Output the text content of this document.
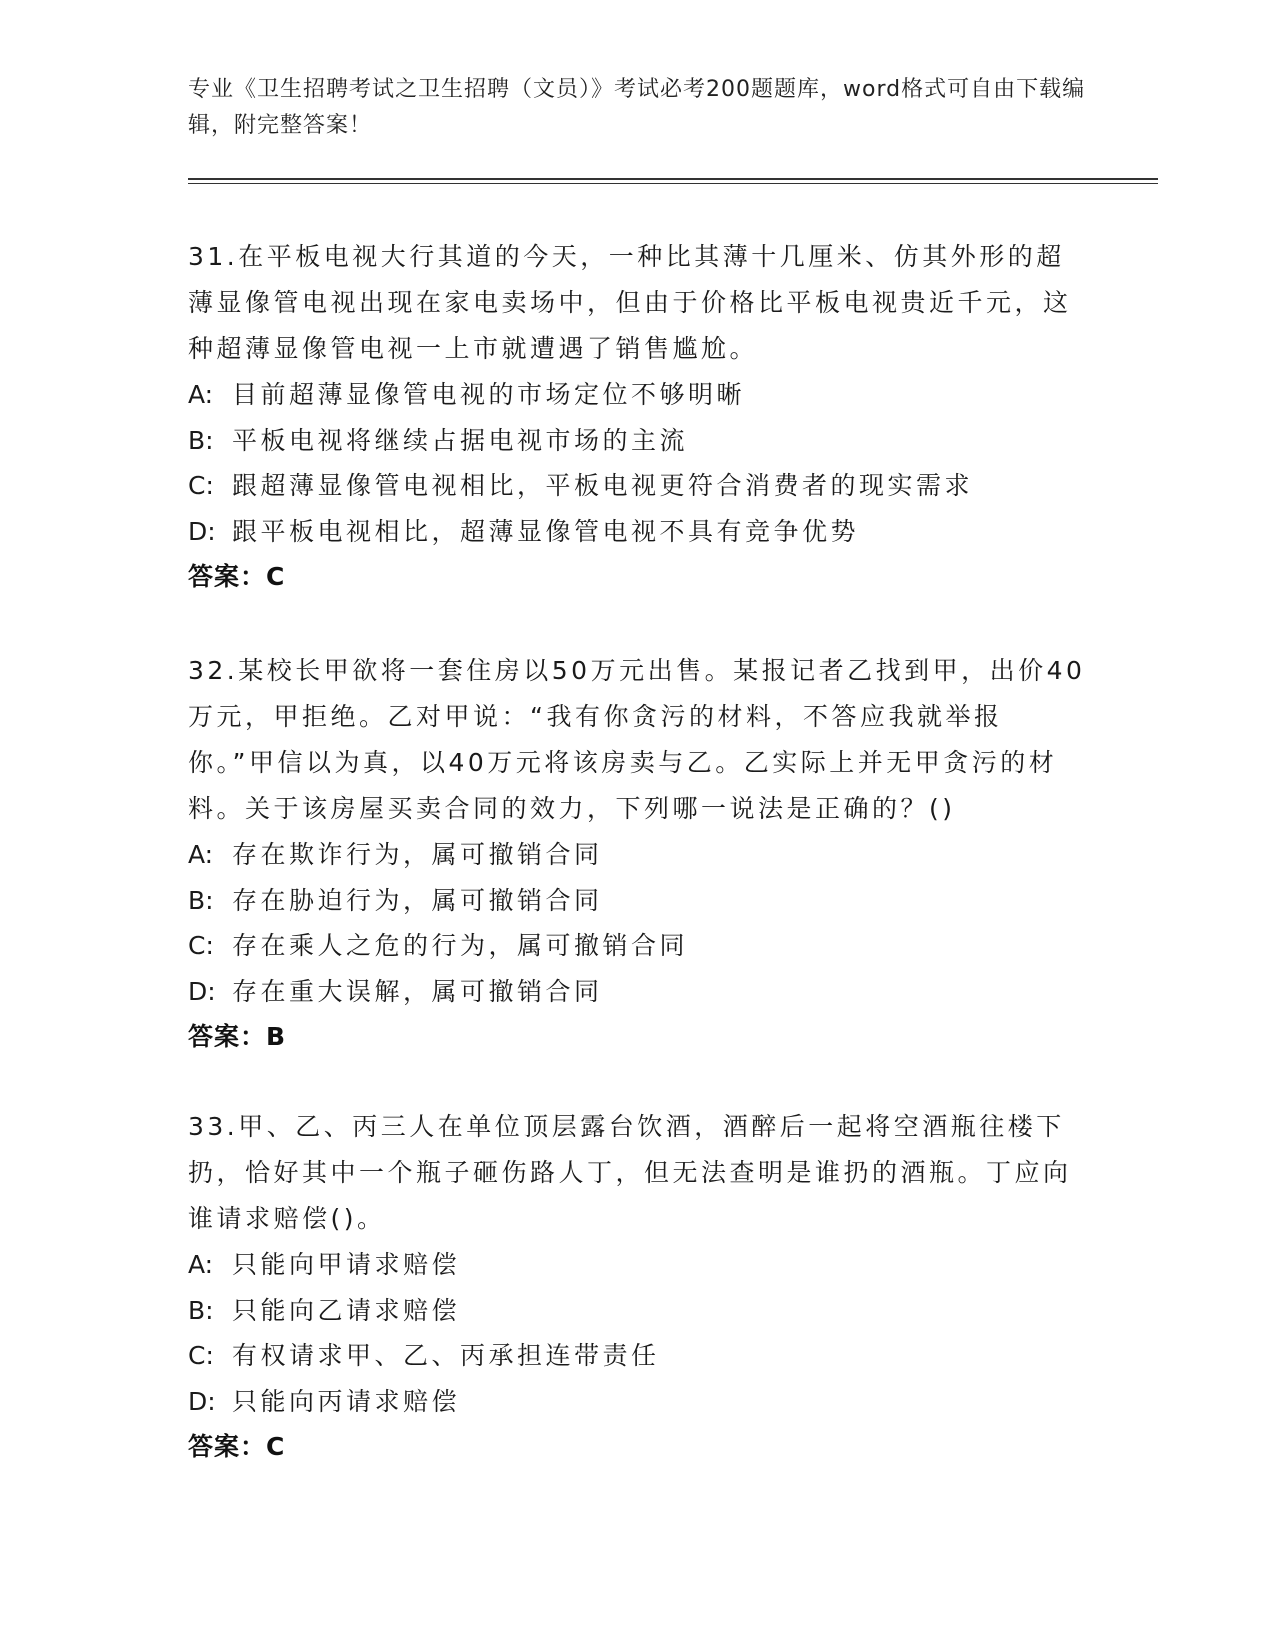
专业《卫生招聘考试之卫生招聘（文员）》考试必考200题题库，word格式可自由下载编辑，附完整答案！

31.在平板电视大行其道的今天，一种比其薄十几厘米、仿其外形的超薄显像管电视出现在家电卖场中，但由于价格比平板电视贵近千元，这种超薄显像管电视一上市就遭遇了销售尴尬。

A: 目前超薄显像管电视的市场定位不够明晰

B: 平板电视将继续占据电视市场的主流

C: 跟超薄显像管电视相比，平板电视更符合消费者的现实需求

D: 跟平板电视相比，超薄显像管电视不具有竞争优势

答案：C

32.某校长甲欲将一套住房以50万元出售。某报记者乙找到甲，出价40万元，甲拒绝。乙对甲说：“我有你贪污的材料，不答应我就举报你。”甲信以为真，以40万元将该房卖与乙。乙实际上并无甲贪污的材料。关于该房屋买卖合同的效力，下列哪一说法是正确的？()

A: 存在欺诈行为，属可撤销合同

B: 存在胁迫行为，属可撤销合同

C: 存在乘人之危的行为，属可撤销合同

D: 存在重大误解，属可撤销合同

答案：B

33.甲、乙、丙三人在单位顶层露台饮酒，酒醉后一起将空酒瓶往楼下扔，恰好其中一个瓶子砸伤路人丁，但无法查明是谁扔的酒瓶。丁应向谁请求赔偿()。

A: 只能向甲请求赔偿

B: 只能向乙请求赔偿

C: 有权请求甲、乙、丙承担连带责任

D: 只能向丙请求赔偿

答案：C
